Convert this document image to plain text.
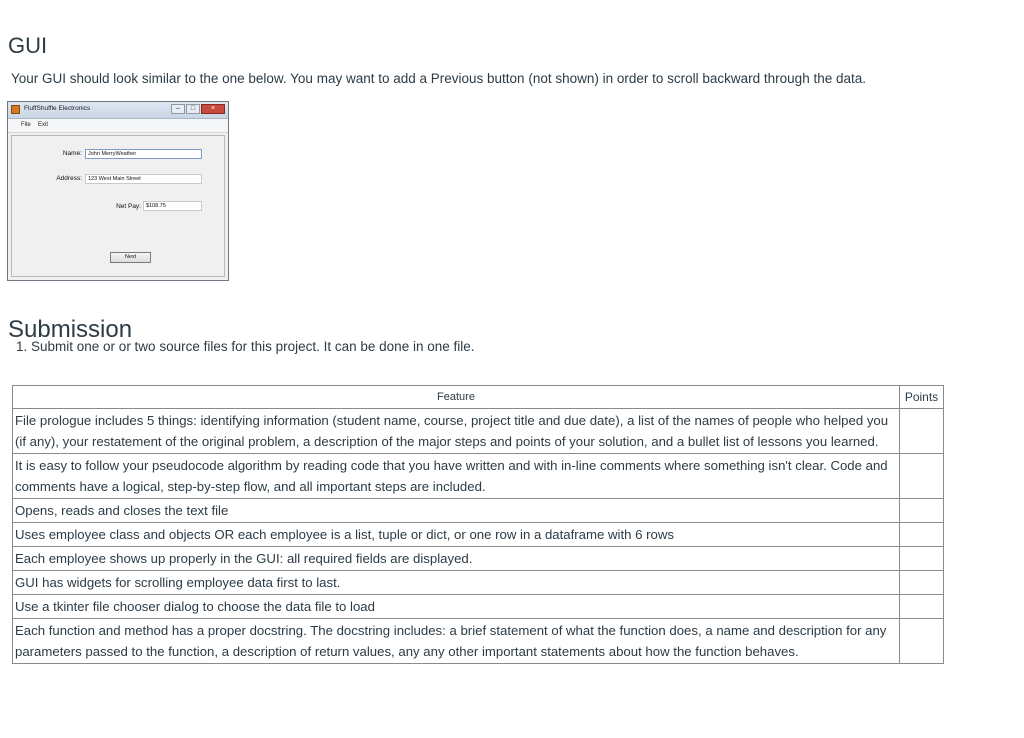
GUI
Your GUI should look similar to the one below. You may want to add a Previous button (not shown) in order to scroll backward through the data.
FluffShuffle Electronics	–	□	×
File Exit
Name:	John MerryWeather
Address:	123 West Main Street
Net Pay: $108.75
Next
Submission
1. Submit one or or two source files for this project. It can be done in one file.
Feature	Points
File prologue includes 5 things: identifying information (student name, course, project title and due date), a list of the names of people who helped you (if any), your restatement of the original problem, a description of the major steps and points of your solution, and a bullet list of lessons you learned.	
It is easy to follow your pseudocode algorithm by reading code that you have written and with in-line comments where something isn't clear. Code and comments have a logical, step-by-step flow, and all important steps are included.	
Opens, reads and closes the text file	
Uses employee class and objects OR each employee is a list, tuple or dict, or one row in a dataframe with 6 rows	
Each employee shows up properly in the GUI: all required fields are displayed.	
GUI has widgets for scrolling employee data first to last.	
Use a tkinter file chooser dialog to choose the data file to load	
Each function and method has a proper docstring. The docstring includes: a brief statement of what the function does, a name and description for any parameters passed to the function, a description of return values, any any other important statements about how the function behaves.	
